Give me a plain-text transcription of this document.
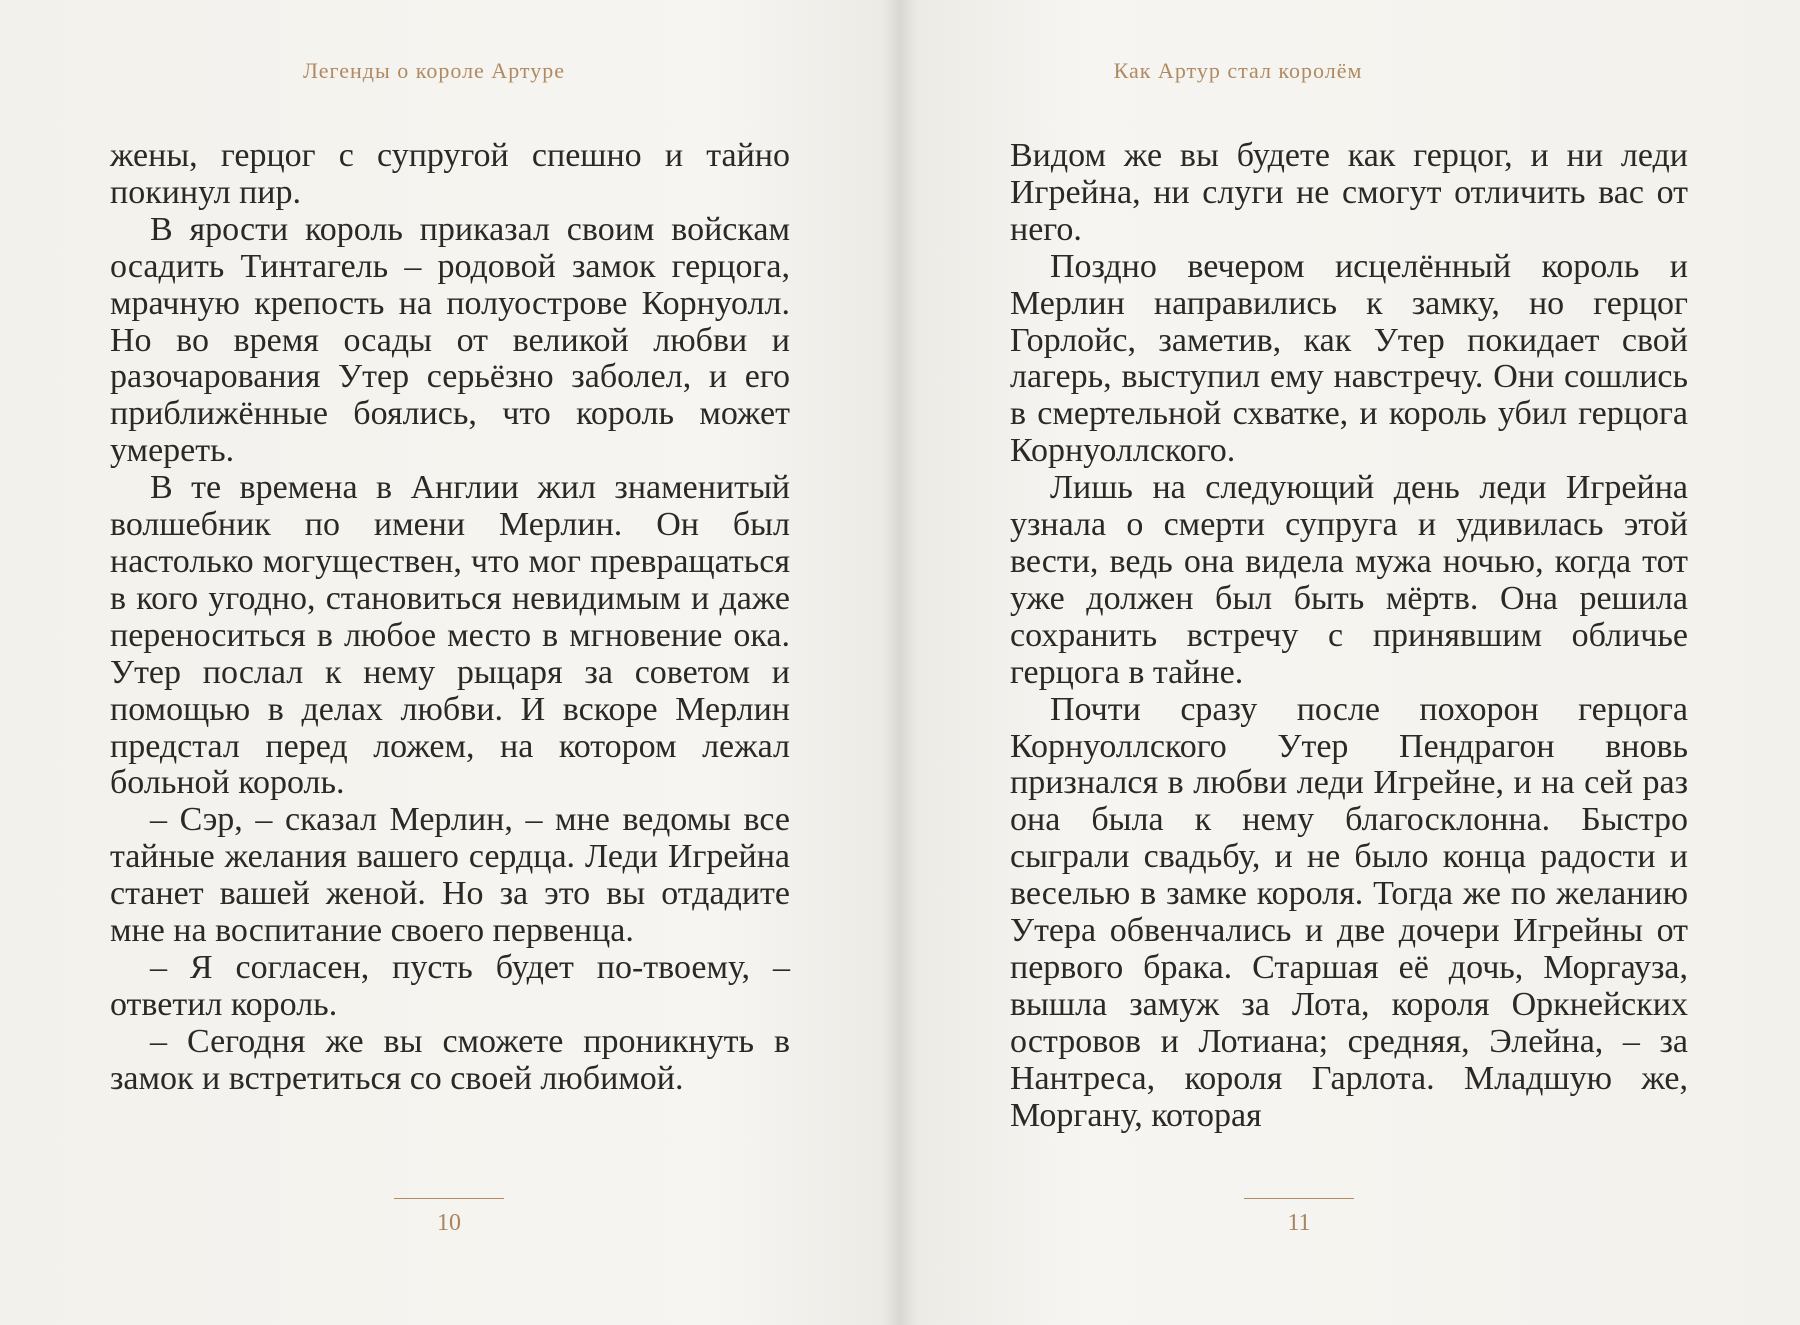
Легенды о короле Артуре

жены, герцог с супругой спешно и тайно покинул пир.

В ярости король приказал своим войскам осадить Тинтагель – родовой замок герцога, мрачную крепость на полуострове Корнуолл. Но во время осады от великой любви и разочарования Утер серьёзно заболел, и его приближённые боялись, что король может умереть.

В те времена в Англии жил знаменитый волшебник по имени Мерлин. Он был настолько могуществен, что мог превращаться в кого угодно, становиться невидимым и даже переноситься в любое место в мгновение ока. Утер послал к нему рыцаря за советом и помощью в делах любви. И вскоре Мерлин предстал перед ложем, на котором лежал больной король.

– Сэр, – сказал Мерлин, – мне ведомы все тайные желания вашего сердца. Леди Игрейна станет вашей женой. Но за это вы отдадите мне на воспитание своего первенца.

– Я согласен, пусть будет по-твоему, – ответил король.

– Сегодня же вы сможете проникнуть в замок и встретиться со своей любимой.

10
Как Артур стал королём

Видом же вы будете как герцог, и ни леди Игрейна, ни слуги не смогут отличить вас от него.

Поздно вечером исцелённый король и Мерлин направились к замку, но герцог Горлойс, заметив, как Утер покидает свой лагерь, выступил ему навстречу. Они сошлись в смертельной схватке, и король убил герцога Корнуоллского.

Лишь на следующий день леди Игрейна узнала о смерти супруга и удивилась этой вести, ведь она видела мужа ночью, когда тот уже должен был быть мёртв. Она решила сохранить встречу с принявшим обличье герцога в тайне.

Почти сразу после похорон герцога Корнуоллского Утер Пендрагон вновь признался в любви леди Игрейне, и на сей раз она была к нему благосклонна. Быстро сыграли свадьбу, и не было конца радости и веселью в замке короля. Тогда же по желанию Утера обвенчались и две дочери Игрейны от первого брака. Старшая её дочь, Моргауза, вышла замуж за Лота, короля Оркнейских островов и Лотиана; средняя, Элейна, – за Нантреса, короля Гарлота. Младшую же, Моргану, которая

11
